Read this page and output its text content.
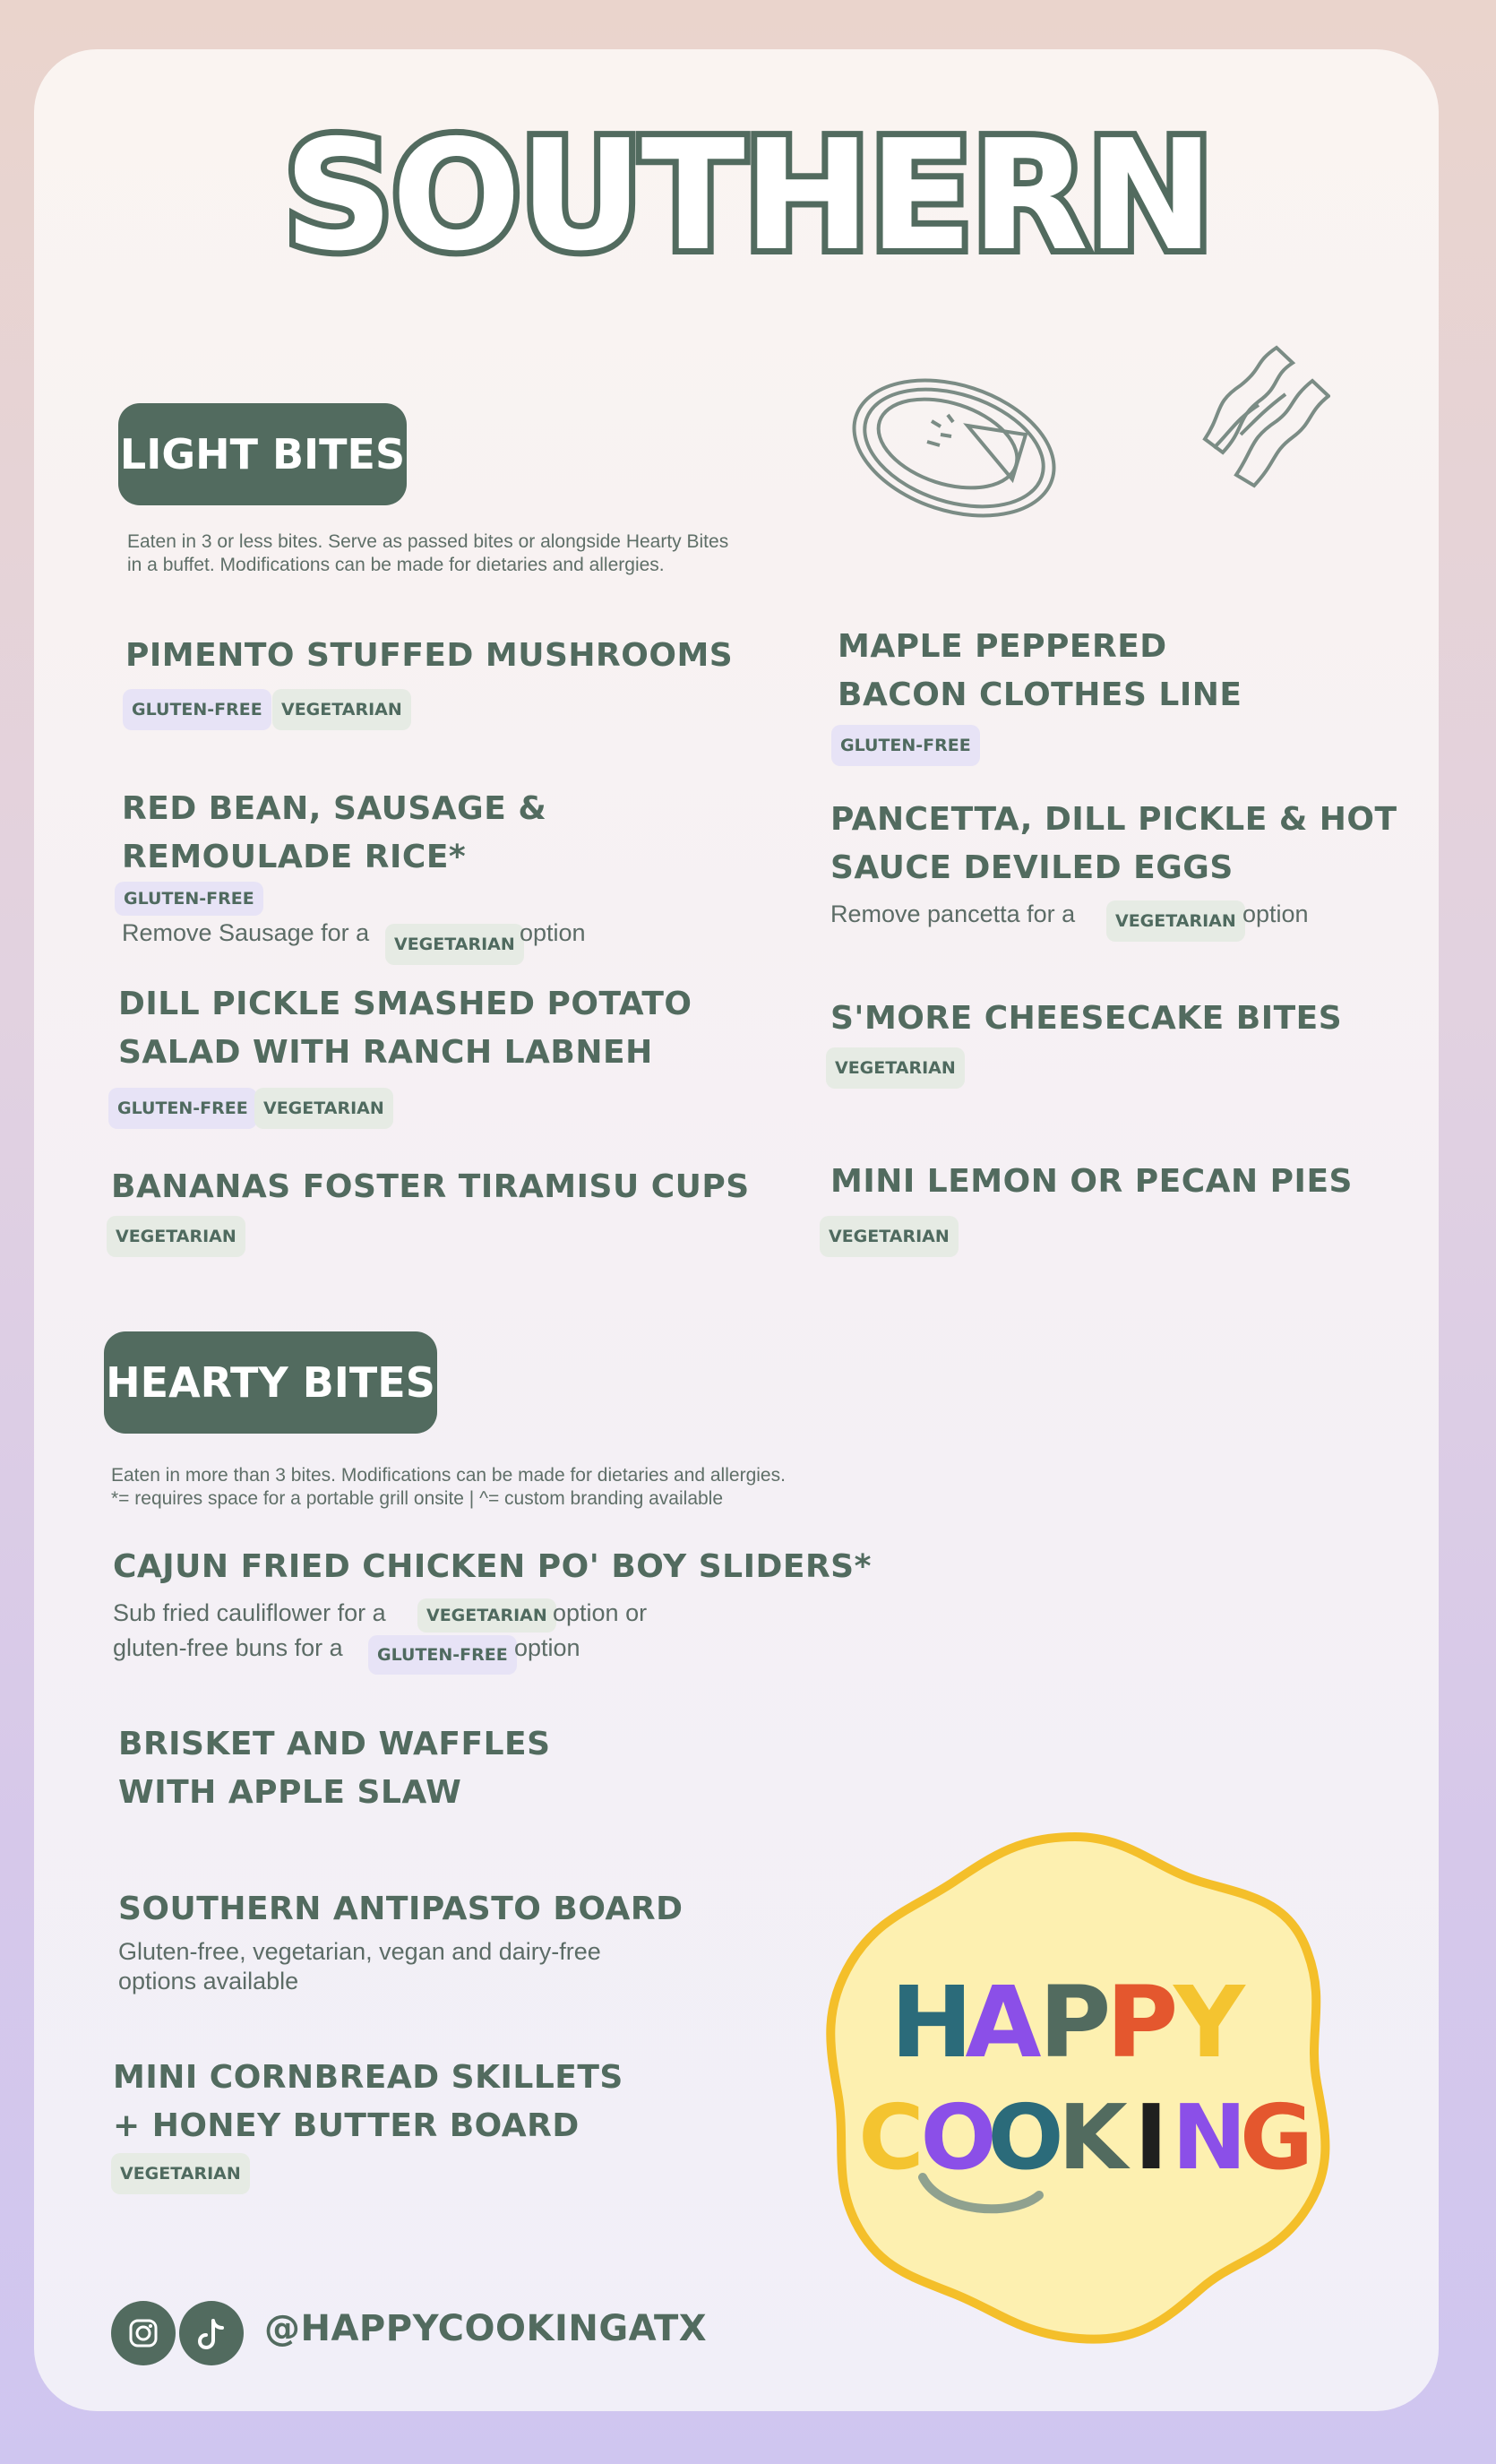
SOUTHERN
LIGHT BITES
Eaten in 3 or less bites. Serve as passed bites or alongside Hearty Bites
in a buffet. Modifications can be made for dietaries and allergies.
PIMENTO STUFFED MUSHROOMS
GLUTEN-FREE	VEGETARIAN
MAPLE PEPPERED
BACON CLOTHES LINE
GLUTEN-FREE
RED BEAN, SAUSAGE &
REMOULADE RICE*
GLUTEN-FREE
Remove Sausage for a	VEGETARIAN option
PANCETTA, DILL PICKLE & HOT
SAUCE DEVILED EGGS
Remove pancetta for a	VEGETARIAN option
DILL PICKLE SMASHED POTATO
SALAD WITH RANCH LABNEH
GLUTEN-FREE VEGETARIAN
S'MORE CHEESECAKE BITES
VEGETARIAN
BANANAS FOSTER TIRAMISU CUPS
VEGETARIAN
MINI LEMON OR PECAN PIES
VEGETARIAN
HEARTY BITES
Eaten in more than 3 bites. Modifications can be made for dietaries and allergies.
*= requires space for a portable grill onsite | ^= custom branding available
CAJUN FRIED CHICKEN PO' BOY SLIDERS*
Sub fried cauliflower for a	VEGETARIAN option or
gluten-free buns for a	GLUTEN-FREE option
BRISKET AND WAFFLES
WITH APPLE SLAW
SOUTHERN ANTIPASTO BOARD
Gluten-free, vegetarian, vegan and dairy-free
options available
MINI CORNBREAD SKILLETS
+ HONEY BUTTER BOARD
VEGETARIAN
H
A
P
P
Y
C
O
O
K I N
G
@HAPPYCOOKINGATX
